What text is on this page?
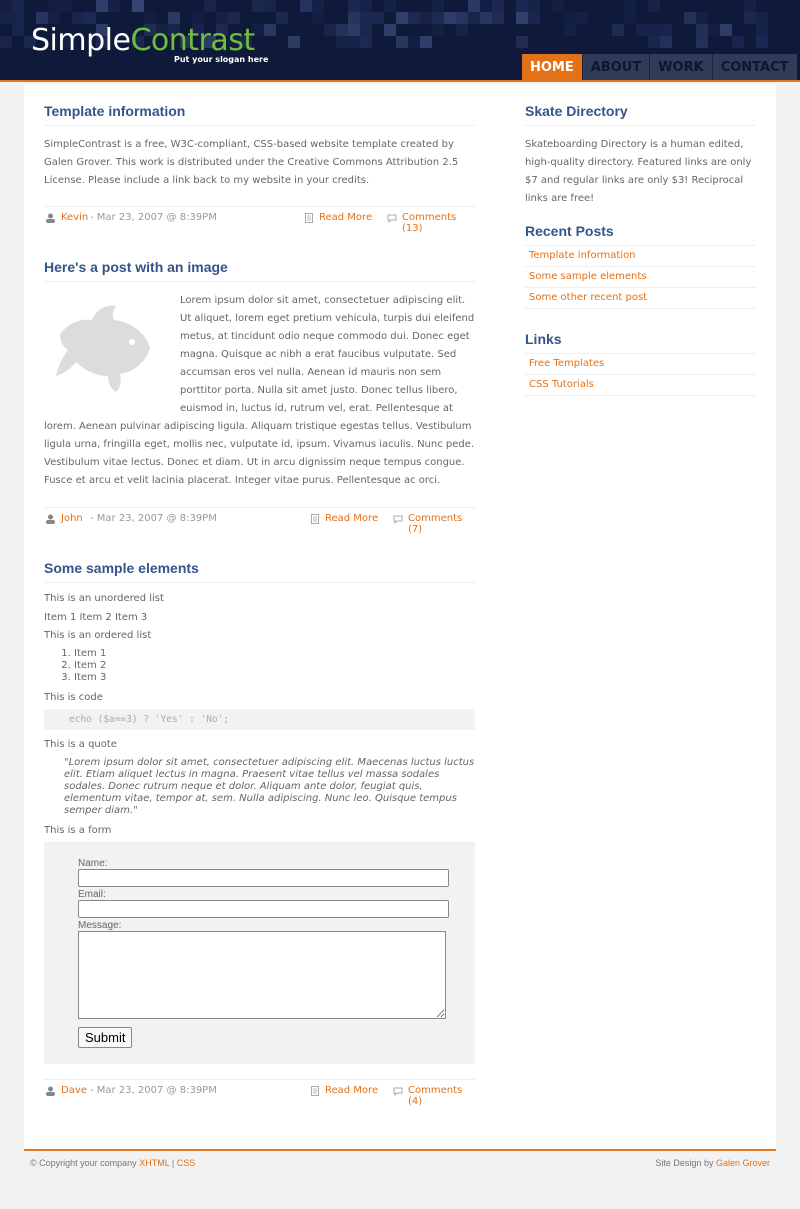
SimpleContrast
Put your slogan here
HOME	ABOUT	WORK	CONTACT
Template information

SimpleContrast is a free, W3C-compliant, CSS-based website template created by Galen Grover. This work is distributed under the Creative Commons Attribution 2.5 License. Please include a link back to my website in your credits.

Kevin - Mar 23, 2007 @ 8:39PM	Read More	Comments (13)
Here's a post with an image

Lorem ipsum dolor sit amet, consectetuer adipiscing elit. Ut aliquet, lorem eget pretium vehicula, turpis dui eleifend metus, at tincidunt odio neque commodo dui. Donec eget magna. Quisque ac nibh a erat faucibus vulputate. Sed accumsan eros vel nulla. Aenean id mauris non sem porttitor porta. Nulla sit amet justo. Donec tellus libero, euismod in, luctus id, rutrum vel, erat. Pellentesque at lorem. Aenean pulvinar adipiscing ligula. Aliquam tristique egestas tellus. Vestibulum ligula urna, fringilla eget, mollis nec, vulputate id, ipsum. Vivamus iaculis. Nunc pede. Vestibulum vitae lectus. Donec et diam. Ut in arcu dignissim neque tempus congue. Fusce et arcu et velit lacinia placerat. Integer vitae purus. Pellentesque ac orci.

John - Mar 23, 2007 @ 8:39PM	Read More	Comments (7)
Some sample elements
This is an unordered list
Item 1 Item 2 Item 3
This is an ordered list
1. Item 1
2. Item 2
3. Item 3
This is code
echo ($a==3) ? 'Yes' : 'No';
This is a quote
"Lorem ipsum dolor sit amet, consectetuer adipiscing elit. Maecenas luctus luctus elit. Etiam aliquet lectus in magna. Praesent vitae tellus vel massa sodales sodales. Donec rutrum neque et dolor. Aliquam ante dolor, feugiat quis, elementum vitae, tempor at, sem. Nulla adipiscing. Nunc leo. Quisque tempus semper diam."
This is a form
Name:
Email:
Message:
Submit
Dave - Mar 23, 2007 @ 8:39PM	Read More	Comments (4)
Skate Directory

Skateboarding Directory is a human edited, high-quality directory. Featured links are only $7 and regular links are only $3! Reciprocal links are free!

Recent Posts
Template information
Some sample elements
Some other recent post
Links
Free Templates
CSS Tutorials
© Copyright your company XHTML | CSS	Site Design by Galen Grover
